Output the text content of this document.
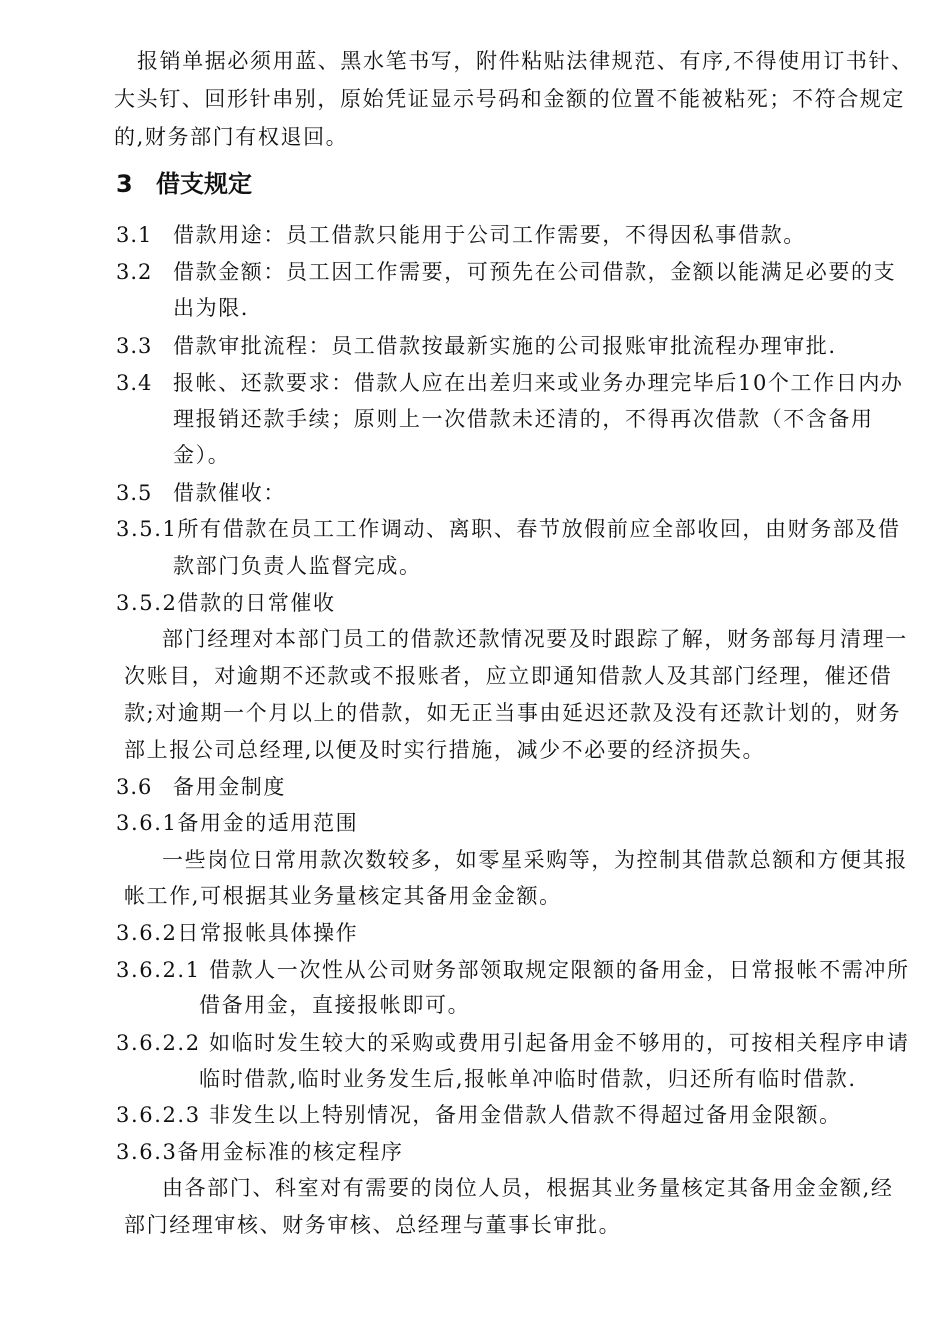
报销单据必须用蓝、黑水笔书写，附件粘贴法律规范、有序,不得使用订书针、
大头钉、回形针串别，原始凭证显示号码和金额的位置不能被粘死；不符合规定
的,财务部门有权退回。
3 借支规定
3.1 借款用途：员工借款只能用于公司工作需要，不得因私事借款。
3.2 借款金额：员工因工作需要，可预先在公司借款，金额以能满足必要的支
出为限.
3.3 借款审批流程：员工借款按最新实施的公司报账审批流程办理审批.
3.4 报帐、还款要求：借款人应在出差归来或业务办理完毕后10个工作日内办
理报销还款手续；原则上一次借款未还清的，不得再次借款（不含备用
金）。
3.5 借款催收：
3.5.1所有借款在员工工作调动、离职、春节放假前应全部收回，由财务部及借
款部门负责人监督完成。
3.5.2借款的日常催收
部门经理对本部门员工的借款还款情况要及时跟踪了解，财务部每月清理一
次账目，对逾期不还款或不报账者，应立即通知借款人及其部门经理，催还借
款;对逾期一个月以上的借款，如无正当事由延迟还款及没有还款计划的，财务
部上报公司总经理,以便及时实行措施，减少不必要的经济损失。
3.6 备用金制度
3.6.1备用金的适用范围
一些岗位日常用款次数较多，如零星采购等，为控制其借款总额和方便其报
帐工作,可根据其业务量核定其备用金金额。
3.6.2日常报帐具体操作
3.6.2.1 借款人一次性从公司财务部领取规定限额的备用金，日常报帐不需冲所
借备用金，直接报帐即可。
3.6.2.2 如临时发生较大的采购或费用引起备用金不够用的，可按相关程序申请
临时借款,临时业务发生后,报帐单冲临时借款，归还所有临时借款.
3.6.2.3 非发生以上特别情况，备用金借款人借款不得超过备用金限额。
3.6.3备用金标准的核定程序
由各部门、科室对有需要的岗位人员，根据其业务量核定其备用金金额,经
部门经理审核、财务审核、总经理与董事长审批。
